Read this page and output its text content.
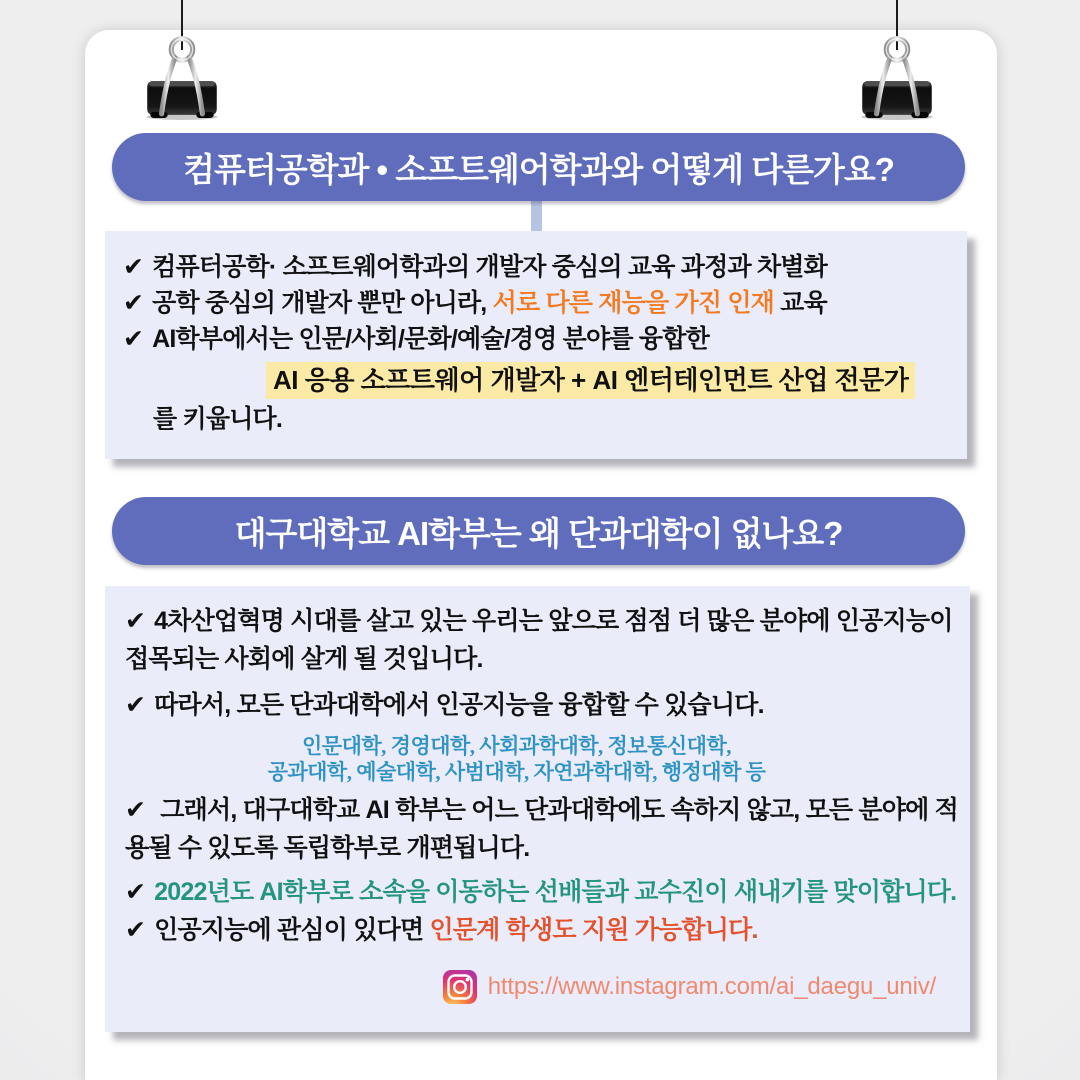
컴퓨터공학과 • 소프트웨어학과와 어떻게 다른가요?
✔ 컴퓨터공학· 소프트웨어학과의 개발자 중심의 교육 과정과 차별화
✔ 공학 중심의 개발자 뿐만 아니라, 서로 다른 재능을 가진 인재 교육
✔ AI학부에서는 인문/사회/문화/예술/경영 분야를 융합한
AI 응용 소프트웨어 개발자 + AI 엔터테인먼트 산업 전문가
를 키웁니다.
대구대학교 AI학부는 왜 단과대학이 없나요?
✔ 4차산업혁명 시대를 살고 있는 우리는 앞으로 점점 더 많은 분야에 인공지능이
접목되는 사회에 살게 될 것입니다.
✔ 따라서, 모든 단과대학에서 인공지능을 융합할 수 있습니다.
인문대학, 경영대학, 사회과학대학, 정보통신대학,
공과대학, 예술대학, 사범대학, 자연과학대학, 행정대학 등
✔ 그래서, 대구대학교 AI 학부는 어느 단과대학에도 속하지 않고, 모든 분야에 적
용될 수 있도록 독립학부로 개편됩니다.
✔ 2022년도 AI학부로 소속을 이동하는 선배들과 교수진이 새내기를 맞이합니다.
✔ 인공지능에 관심이 있다면 인문계 학생도 지원 가능합니다.
https://www.instagram.com/ai_daegu_univ/
